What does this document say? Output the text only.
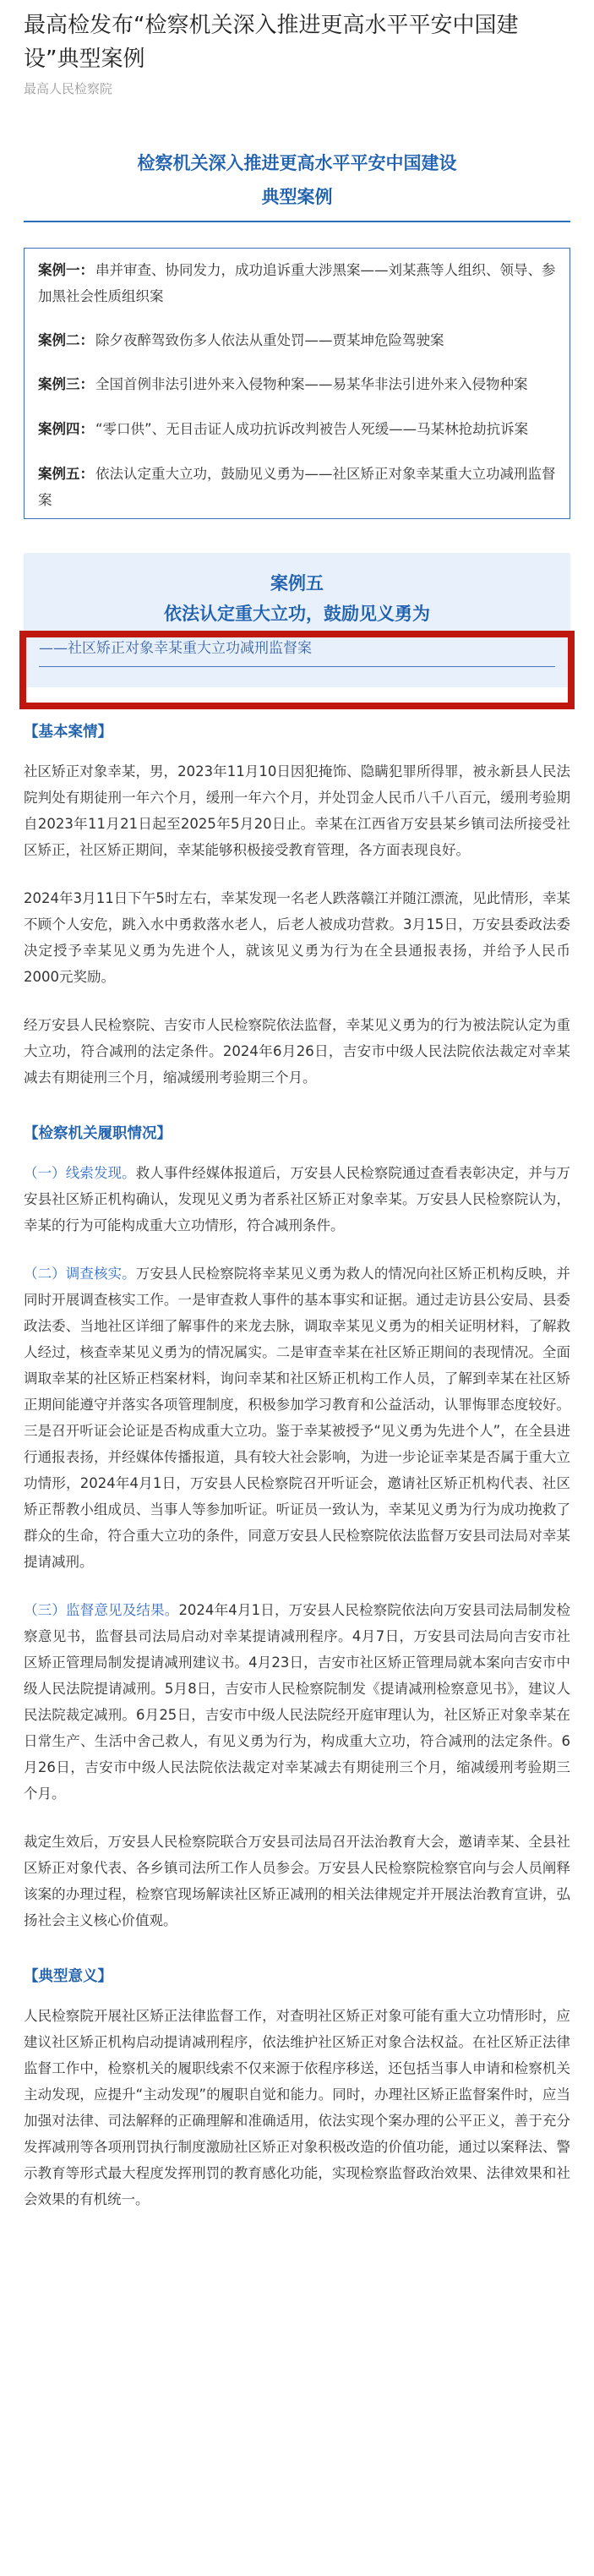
最高检发布“检察机关深入推进更高水平平安中国建设”典型案例
最高人民检察院
检察机关深入推进更高水平平安中国建设
典型案例
案例一： 串并审查、协同发力，成功追诉重大涉黑案——刘某燕等人组织、领导、参加黑社会性质组织案
案例二： 除夕夜醉驾致伤多人依法从重处罚——贾某坤危险驾驶案
案例三： 全国首例非法引进外来入侵物种案——易某华非法引进外来入侵物种案
案例四： “零口供”、无目击证人成功抗诉改判被告人死缓——马某林抢劫抗诉案
案例五： 依法认定重大立功，鼓励见义勇为——社区矫正对象幸某重大立功减刑监督案
案例五
依法认定重大立功，鼓励见义勇为
——社区矫正对象幸某重大立功减刑监督案
【基本案情】

社区矫正对象幸某，男，2023年11月10日因犯掩饰、隐瞒犯罪所得罪，被永新县人民法院判处有期徒刑一年六个月，缓刑一年六个月，并处罚金人民币八千八百元，缓刑考验期自2023年11月21日起至2025年5月20日止。幸某在江西省万安县某乡镇司法所接受社区矫正，社区矫正期间，幸某能够积极接受教育管理，各方面表现良好。

2024年3月11日下午5时左右，幸某发现一名老人跌落赣江并随江漂流，见此情形，幸某不顾个人安危，跳入水中勇救落水老人，后老人被成功营救。3月15日，万安县委政法委决定授予幸某见义勇为先进个人，就该见义勇为行为在全县通报表扬，并给予人民币2000元奖励。

经万安县人民检察院、吉安市人民检察院依法监督，幸某见义勇为的行为被法院认定为重大立功，符合减刑的法定条件。2024年6月26日，吉安市中级人民法院依法裁定对幸某减去有期徒刑三个月，缩减缓刑考验期三个月。

【检察机关履职情况】

（一）线索发现。救人事件经媒体报道后，万安县人民检察院通过查看表彰决定，并与万安县社区矫正机构确认，发现见义勇为者系社区矫正对象幸某。万安县人民检察院认为，幸某的行为可能构成重大立功情形，符合减刑条件。

（二）调查核实。万安县人民检察院将幸某见义勇为救人的情况向社区矫正机构反映，并同时开展调查核实工作。一是审查救人事件的基本事实和证据。通过走访县公安局、县委政法委、当地社区详细了解事件的来龙去脉，调取幸某见义勇为的相关证明材料，了解救人经过，核查幸某见义勇为的情况属实。二是审查幸某在社区矫正期间的表现情况。全面调取幸某的社区矫正档案材料，询问幸某和社区矫正机构工作人员，了解到幸某在社区矫正期间能遵守并落实各项管理制度，积极参加学习教育和公益活动，认罪悔罪态度较好。三是召开听证会论证是否构成重大立功。鉴于幸某被授予“见义勇为先进个人”，在全县进行通报表扬，并经媒体传播报道，具有较大社会影响，为进一步论证幸某是否属于重大立功情形，2024年4月1日，万安县人民检察院召开听证会，邀请社区矫正机构代表、社区矫正帮教小组成员、当事人等参加听证。听证员一致认为，幸某见义勇为行为成功挽救了群众的生命，符合重大立功的条件，同意万安县人民检察院依法监督万安县司法局对幸某提请减刑。

（三）监督意见及结果。2024年4月1日，万安县人民检察院依法向万安县司法局制发检察意见书，监督县司法局启动对幸某提请减刑程序。4月7日，万安县司法局向吉安市社区矫正管理局制发提请减刑建议书。4月23日，吉安市社区矫正管理局就本案向吉安市中级人民法院提请减刑。5月8日，吉安市人民检察院制发《提请减刑检察意见书》，建议人民法院裁定减刑。6月25日，吉安市中级人民法院经开庭审理认为，社区矫正对象幸某在日常生产、生活中舍己救人，有见义勇为行为，构成重大立功，符合减刑的法定条件。6月26日，吉安市中级人民法院依法裁定对幸某减去有期徒刑三个月，缩减缓刑考验期三个月。

裁定生效后，万安县人民检察院联合万安县司法局召开法治教育大会，邀请幸某、全县社区矫正对象代表、各乡镇司法所工作人员参会。万安县人民检察院检察官向与会人员阐释该案的办理过程，检察官现场解读社区矫正减刑的相关法律规定并开展法治教育宣讲，弘扬社会主义核心价值观。

【典型意义】

人民检察院开展社区矫正法律监督工作，对查明社区矫正对象可能有重大立功情形时，应建议社区矫正机构启动提请减刑程序，依法维护社区矫正对象合法权益。在社区矫正法律监督工作中，检察机关的履职线索不仅来源于依程序移送，还包括当事人申请和检察机关主动发现，应提升“主动发现”的履职自觉和能力。同时，办理社区矫正监督案件时，应当加强对法律、司法解释的正确理解和准确适用，依法实现个案办理的公平正义，善于充分发挥减刑等各项刑罚执行制度激励社区矫正对象积极改造的价值功能，通过以案释法、警示教育等形式最大程度发挥刑罚的教育感化功能，实现检察监督政治效果、法律效果和社会效果的有机统一。
